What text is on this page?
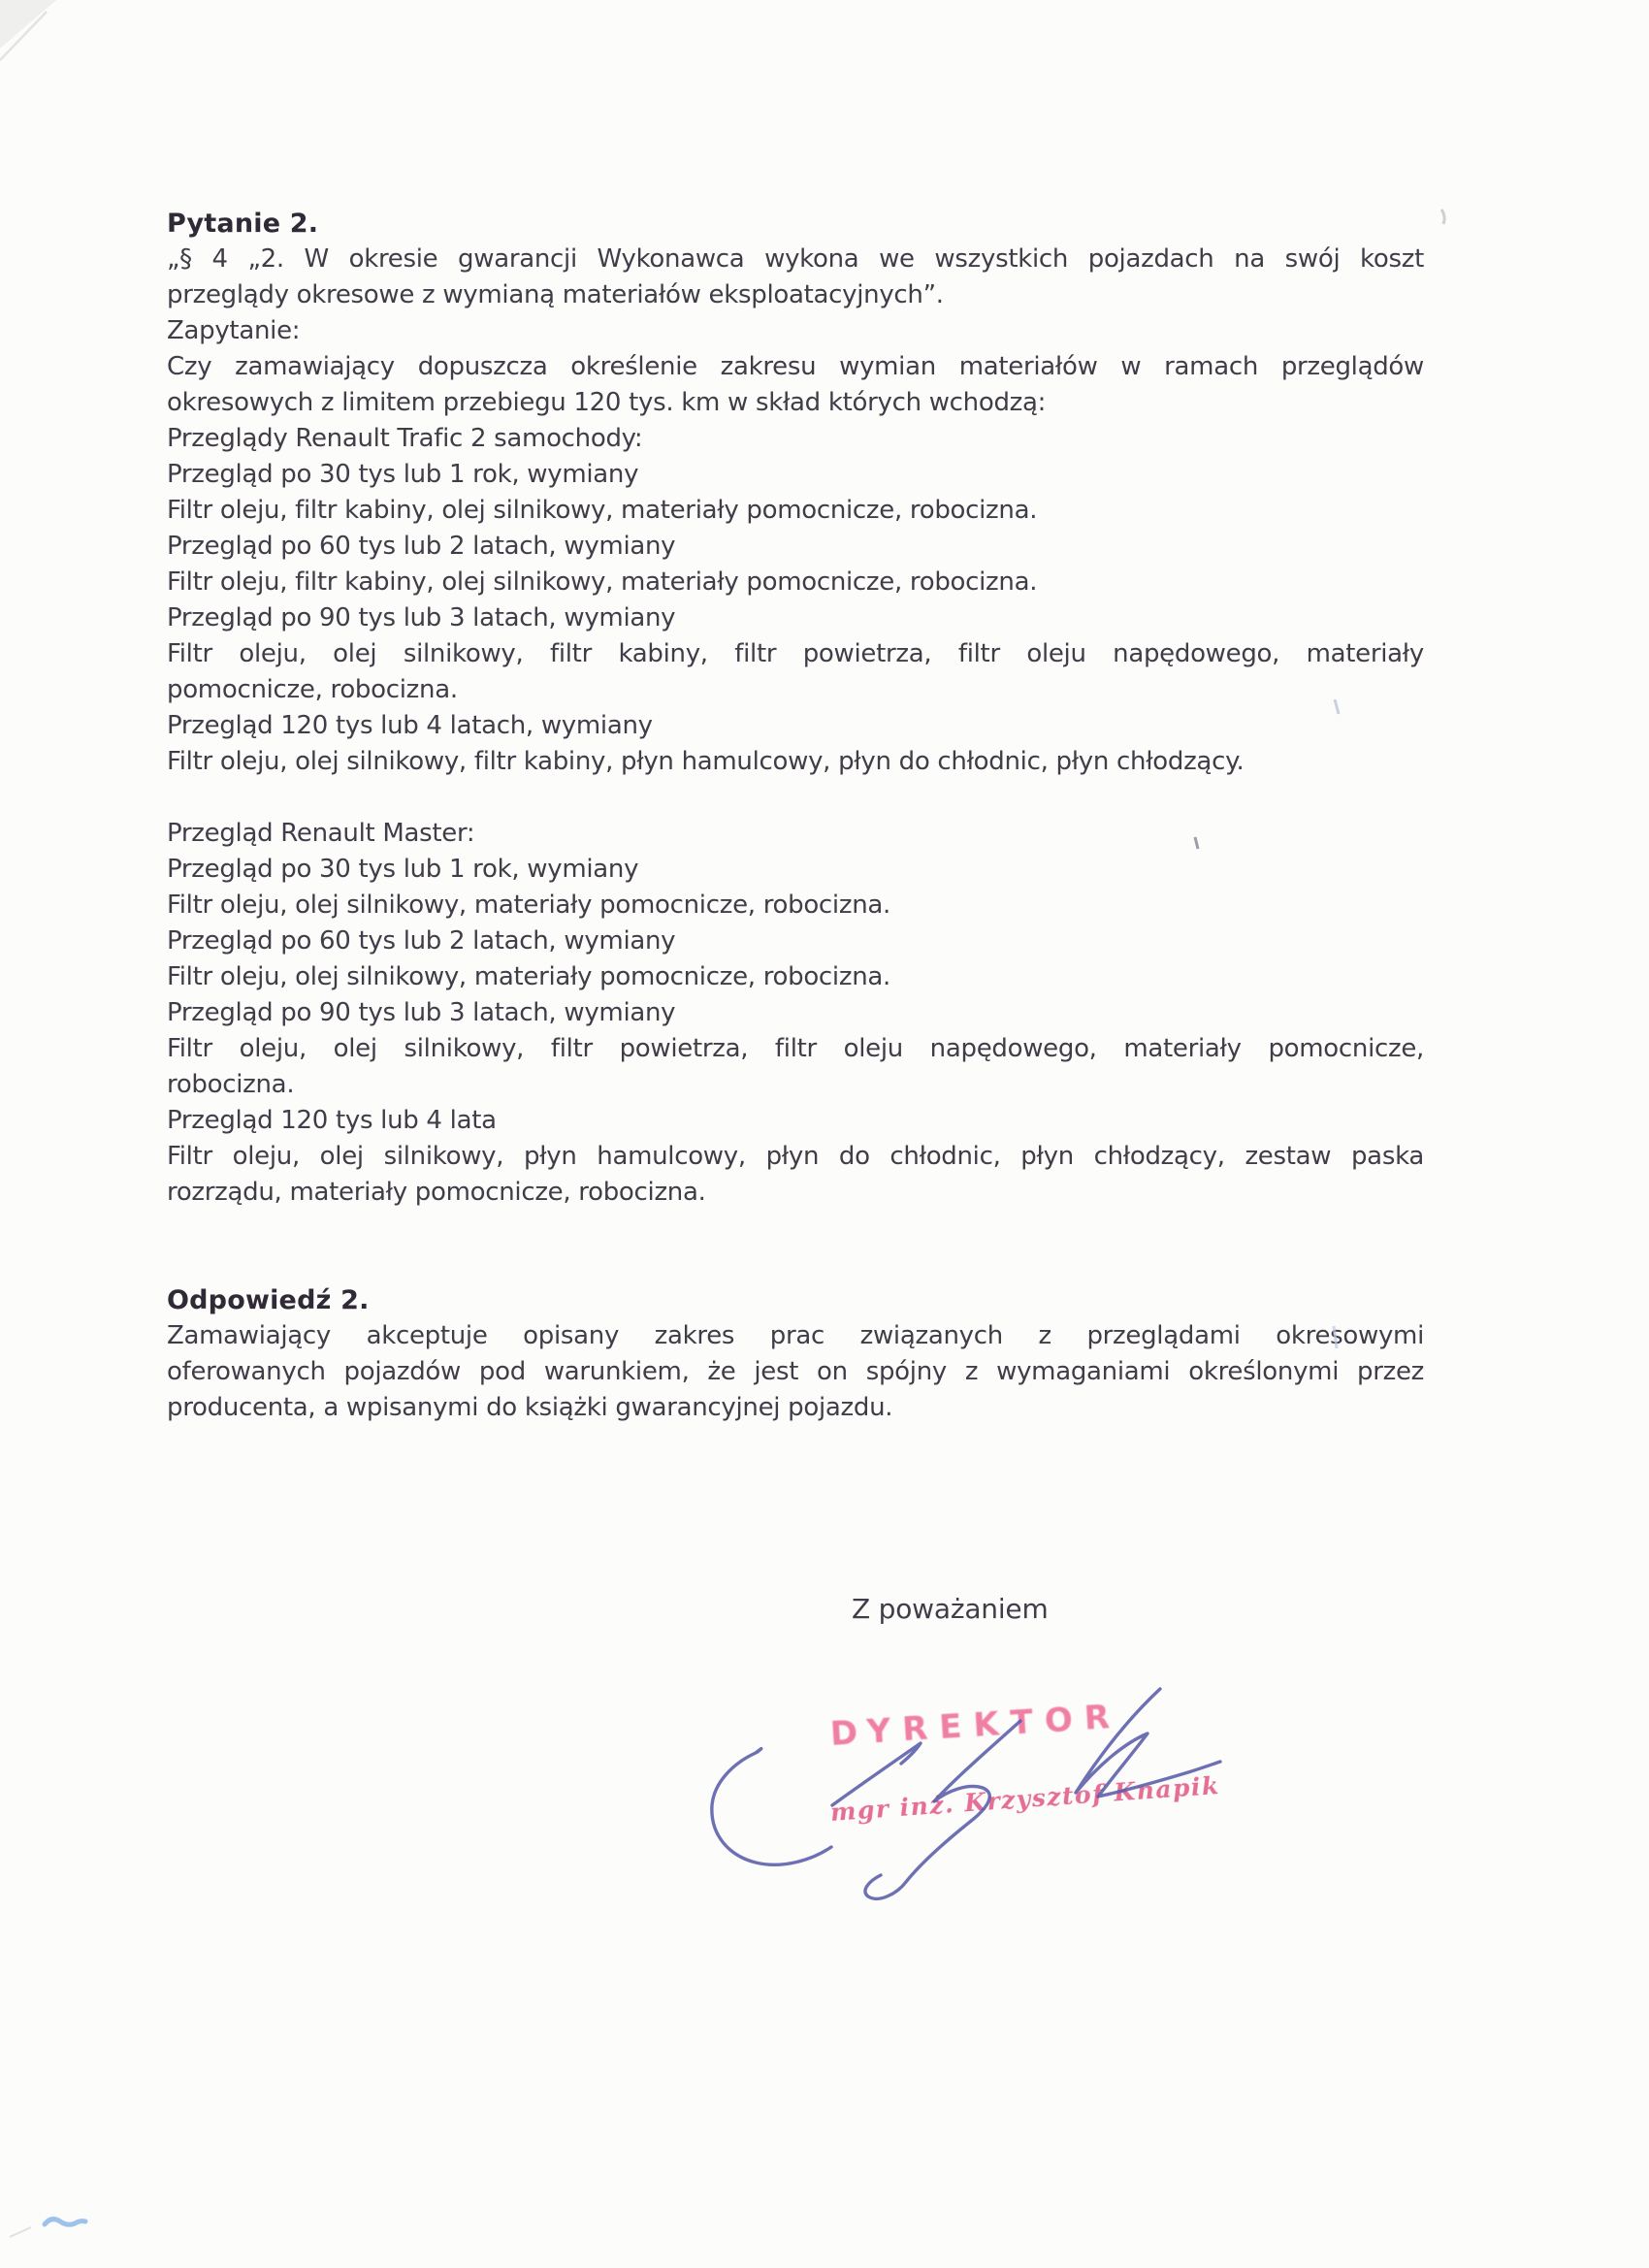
Pytanie 2.
„§ 4 „2. W okresie gwarancji Wykonawca wykona we wszystkich pojazdach na swój koszt
przeglądy okresowe z wymianą materiałów eksploatacyjnych”.
Zapytanie:
Czy zamawiający dopuszcza określenie zakresu wymian materiałów w ramach przeglądów
okresowych z limitem przebiegu 120 tys. km w skład których wchodzą:
Przeglądy Renault Trafic 2 samochody:
Przegląd po 30 tys lub 1 rok, wymiany
Filtr oleju, filtr kabiny, olej silnikowy, materiały pomocnicze, robocizna.
Przegląd po 60 tys lub 2 latach, wymiany
Filtr oleju, filtr kabiny, olej silnikowy, materiały pomocnicze, robocizna.
Przegląd po 90 tys lub 3 latach, wymiany
Filtr oleju, olej silnikowy, filtr kabiny, filtr powietrza, filtr oleju napędowego, materiały
pomocnicze, robocizna.
Przegląd 120 tys lub 4 latach, wymiany
Filtr oleju, olej silnikowy, filtr kabiny, płyn hamulcowy, płyn do chłodnic, płyn chłodzący.
Przegląd Renault Master:
Przegląd po 30 tys lub 1 rok, wymiany
Filtr oleju, olej silnikowy, materiały pomocnicze, robocizna.
Przegląd po 60 tys lub 2 latach, wymiany
Filtr oleju, olej silnikowy, materiały pomocnicze, robocizna.
Przegląd po 90 tys lub 3 latach, wymiany
Filtr oleju, olej silnikowy, filtr powietrza, filtr oleju napędowego, materiały pomocnicze,
robocizna.
Przegląd 120 tys lub 4 lata
Filtr oleju, olej silnikowy, płyn hamulcowy, płyn do chłodnic, płyn chłodzący, zestaw paska
rozrządu, materiały pomocnicze, robocizna.
Odpowiedź 2.
Zamawiający akceptuje opisany zakres prac związanych z przeglądami okresowymi
oferowanych pojazdów pod warunkiem, że jest on spójny z wymaganiami określonymi przez
producenta, a wpisanymi do książki gwarancyjnej pojazdu.
Z poważaniem
DYREKTOR
mgr inż. Krzysztof Knapik
